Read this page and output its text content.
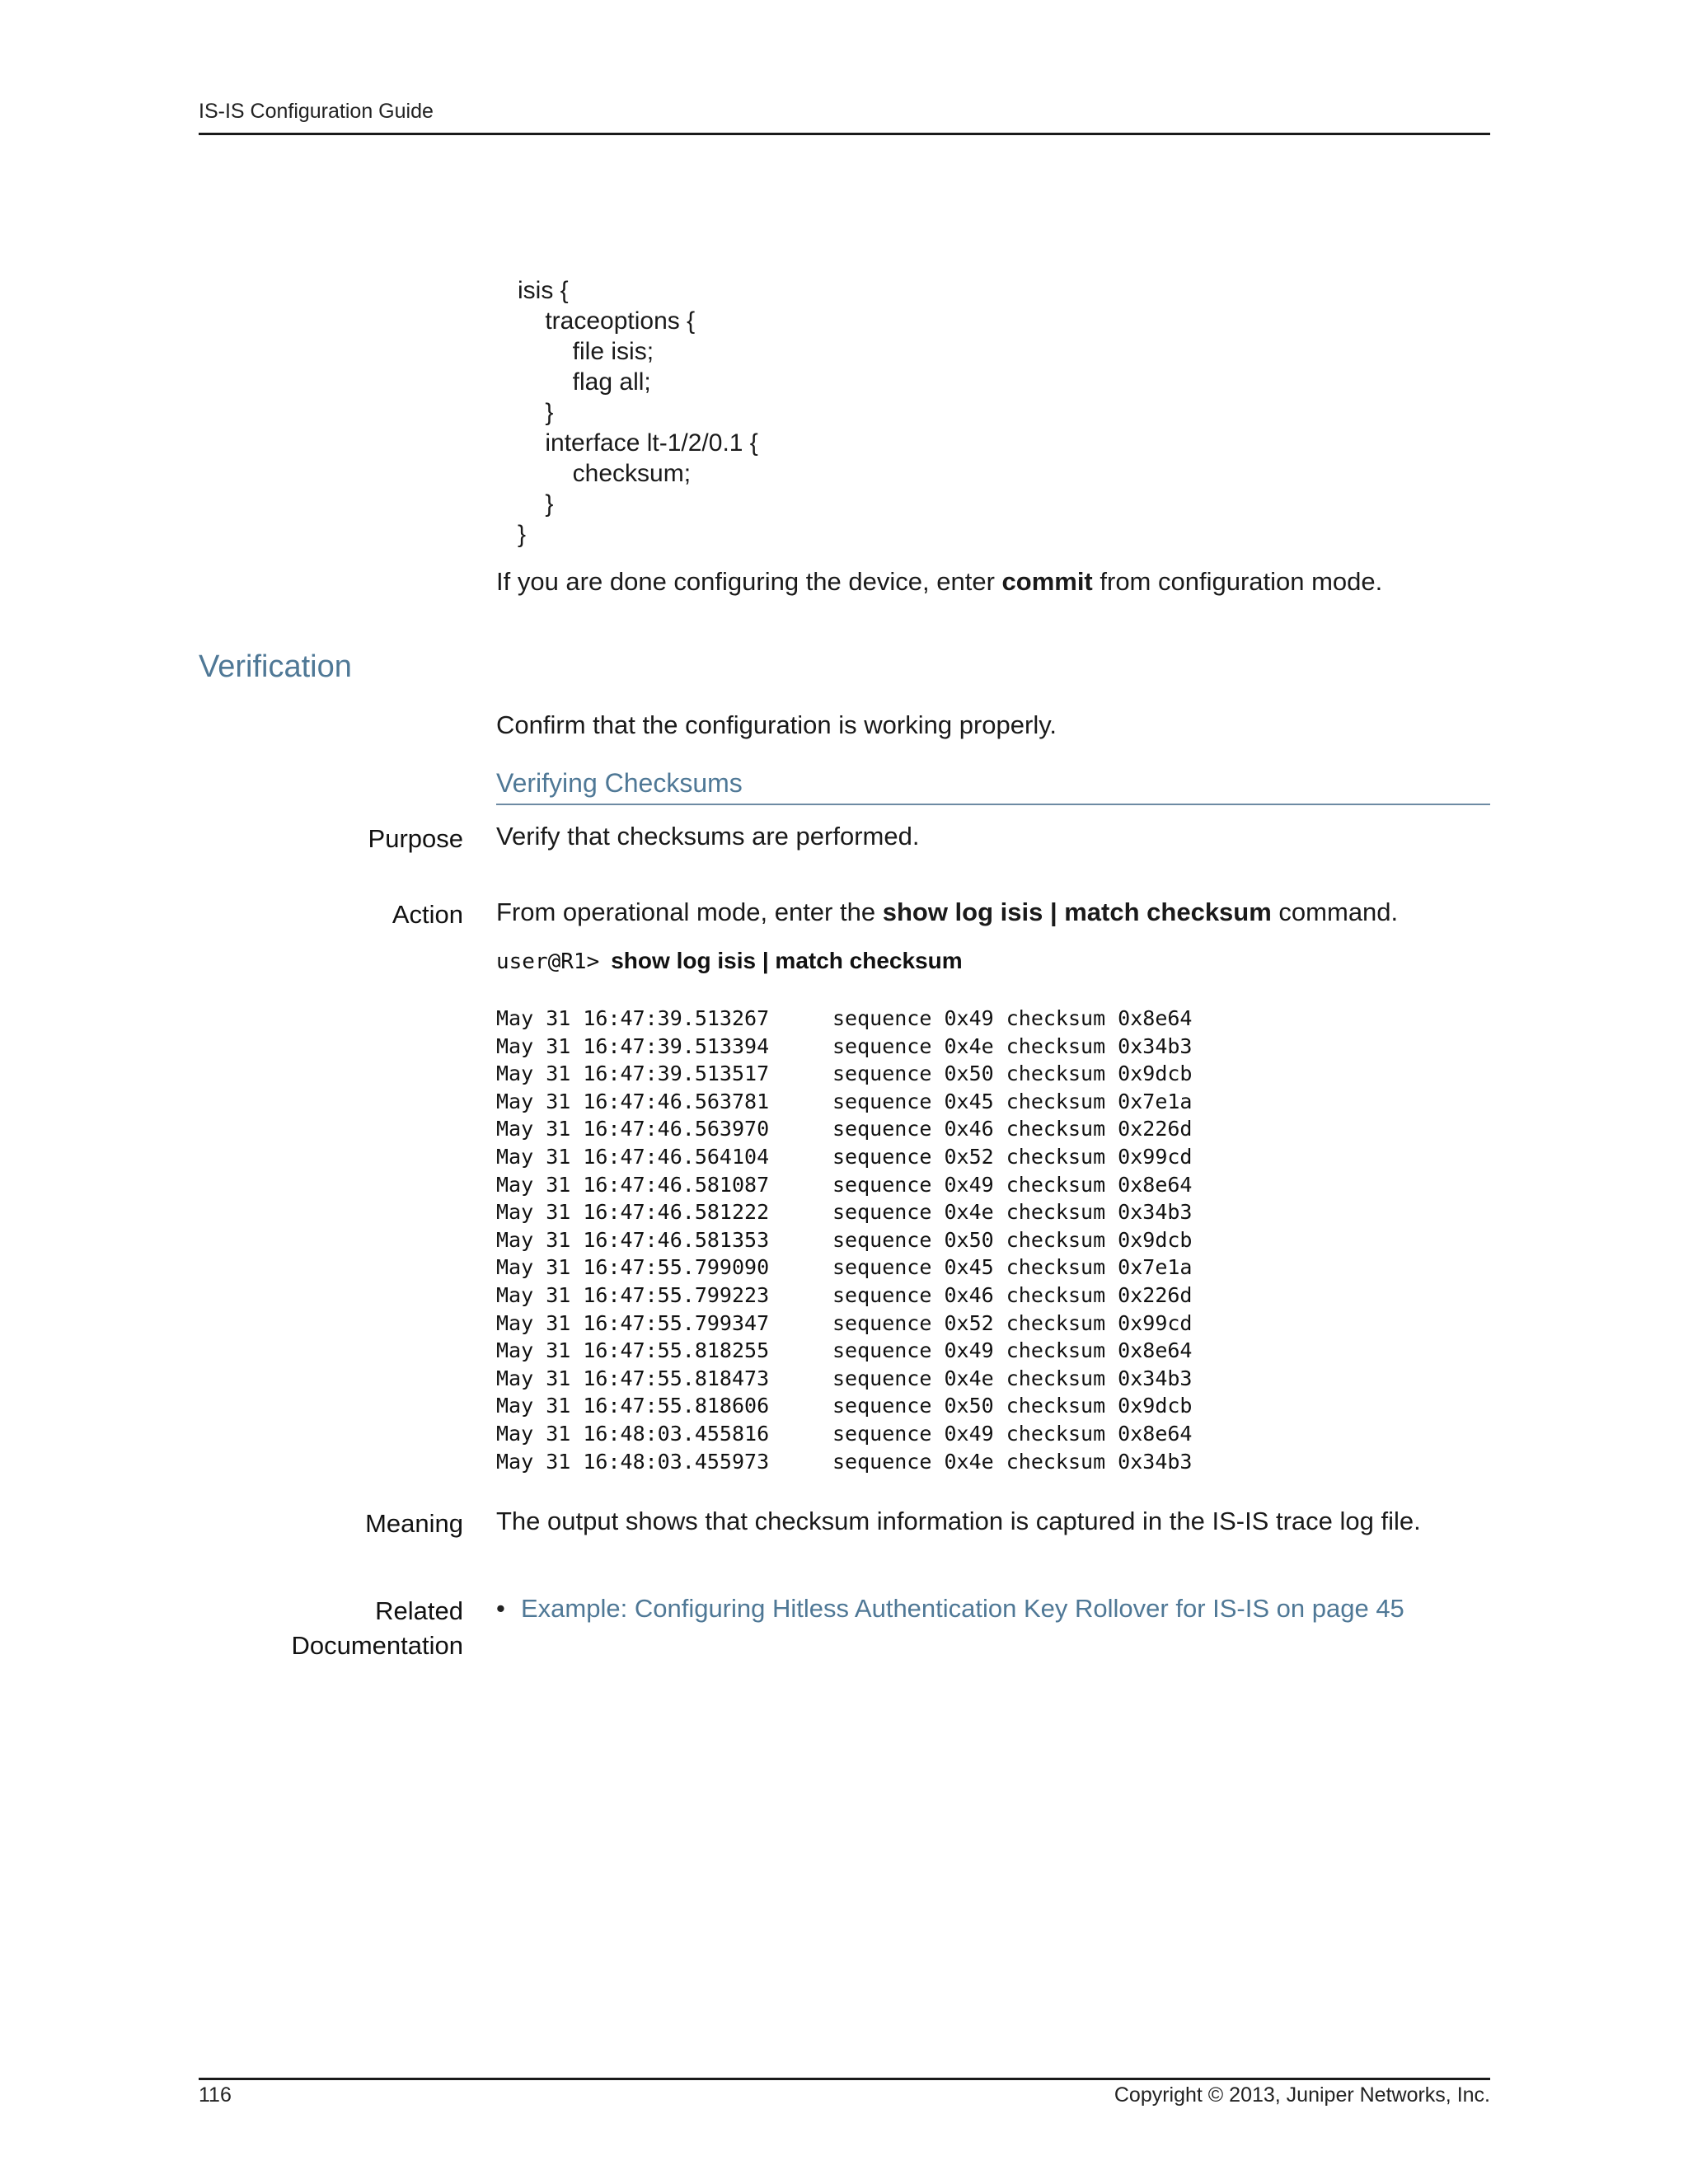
IS-IS Configuration Guide
isis {
traceoptions {
file isis;
flag all;
}
interface lt-1/2/0.1 {
checksum;
}
}
If you are done configuring the device, enter commit from configuration mode.
Verification
Confirm that the configuration is working properly.
Verifying Checksums
Purpose Verify that checksums are performed.
Action From operational mode, enter the show log isis | match checksum command.
user@R1> show log isis | match checksum
May 31 16:47:39.513267	sequence 0x49 checksum 0x8e64
May 31 16:47:39.513394	sequence 0x4e checksum 0x34b3
May 31 16:47:39.513517	sequence 0x50 checksum 0x9dcb
May 31 16:47:46.563781	sequence 0x45 checksum 0x7e1a
May 31 16:47:46.563970	sequence 0x46 checksum 0x226d
May 31 16:47:46.564104	sequence 0x52 checksum 0x99cd
May 31 16:47:46.581087	sequence 0x49 checksum 0x8e64
May 31 16:47:46.581222	sequence 0x4e checksum 0x34b3
May 31 16:47:46.581353	sequence 0x50 checksum 0x9dcb
May 31 16:47:55.799090	sequence 0x45 checksum 0x7e1a
May 31 16:47:55.799223	sequence 0x46 checksum 0x226d
May 31 16:47:55.799347	sequence 0x52 checksum 0x99cd
May 31 16:47:55.818255	sequence 0x49 checksum 0x8e64
May 31 16:47:55.818473	sequence 0x4e checksum 0x34b3
May 31 16:47:55.818606	sequence 0x50 checksum 0x9dcb
May 31 16:48:03.455816	sequence 0x49 checksum 0x8e64
May 31 16:48:03.455973	sequence 0x4e checksum 0x34b3
Meaning The output shows that checksum information is captured in the IS-IS trace log file.
Related
Documentation
• Example: Configuring Hitless Authentication Key Rollover for IS-IS on page 45
116	Copyright © 2013, Juniper Networks, Inc.
